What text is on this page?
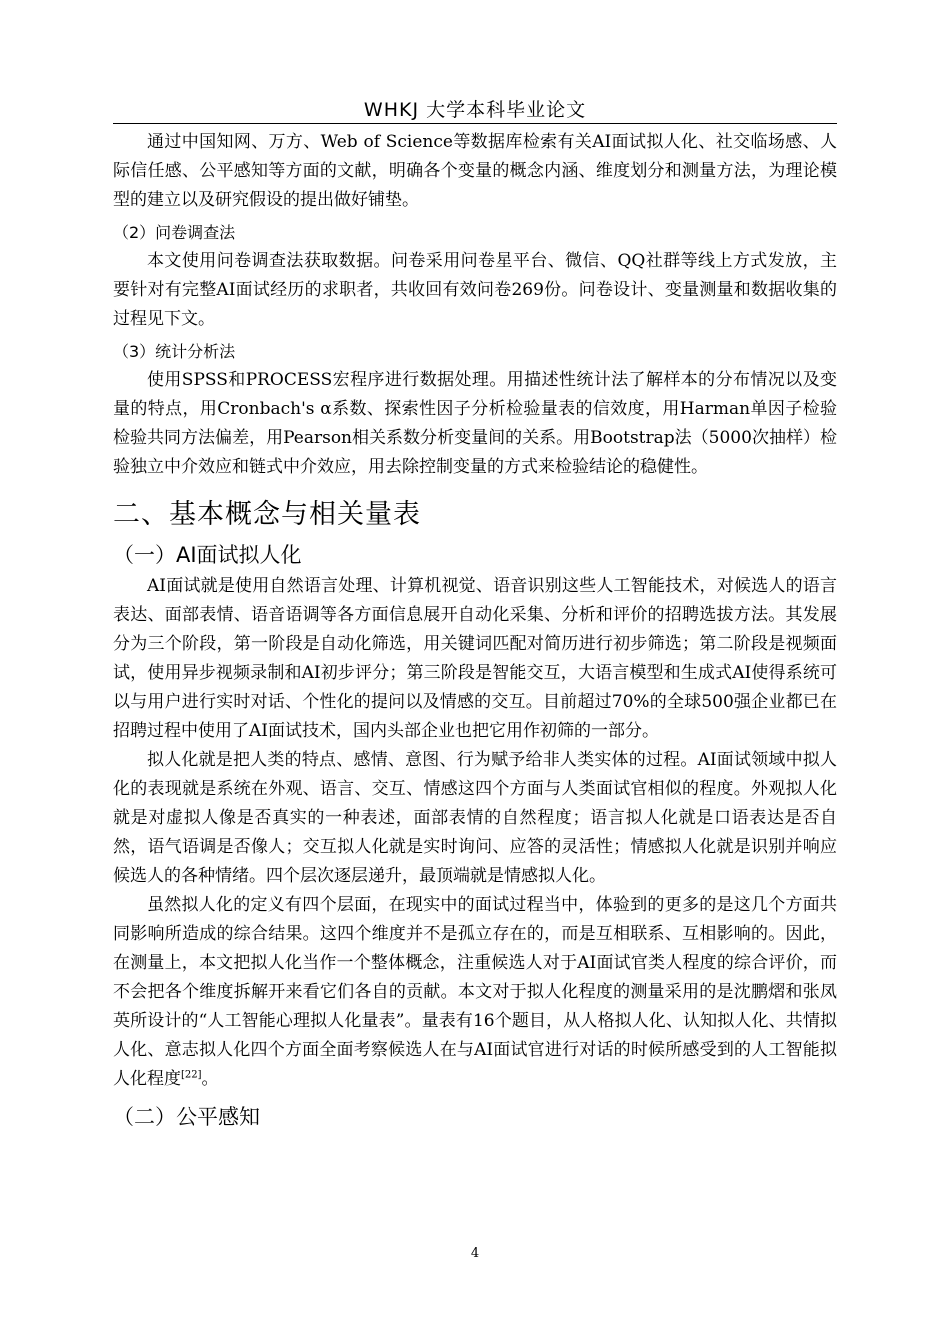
WHKJ 大学本科毕业论文

通过中国知网、万方、Web of Science等数据库检索有关AI面试拟人化、社交临场感、人际信任感、公平感知等方面的文献，明确各个变量的概念内涵、维度划分和测量方法，为理论模型的建立以及研究假设的提出做好铺垫。

（2）问卷调查法

本文使用问卷调查法获取数据。问卷采用问卷星平台、微信、QQ社群等线上方式发放，主要针对有完整AI面试经历的求职者，共收回有效问卷269份。问卷设计、变量测量和数据收集的过程见下文。

（3）统计分析法

使用SPSS和PROCESS宏程序进行数据处理。用描述性统计法了解样本的分布情况以及变量的特点，用Cronbach's α系数、探索性因子分析检验量表的信效度，用Harman单因子检验检验共同方法偏差，用Pearson相关系数分析变量间的关系。用Bootstrap法（5000次抽样）检验独立中介效应和链式中介效应，用去除控制变量的方式来检验结论的稳健性。

二、基本概念与相关量表
（一）AI面试拟人化

AI面试就是使用自然语言处理、计算机视觉、语音识别这些人工智能技术，对候选人的语言表达、面部表情、语音语调等各方面信息展开自动化采集、分析和评价的招聘选拔方法。其发展分为三个阶段，第一阶段是自动化筛选，用关键词匹配对简历进行初步筛选；第二阶段是视频面试，使用异步视频录制和AI初步评分；第三阶段是智能交互，大语言模型和生成式AI使得系统可以与用户进行实时对话、个性化的提问以及情感的交互。目前超过70%的全球500强企业都已在招聘过程中使用了AI面试技术，国内头部企业也把它用作初筛的一部分。

拟人化就是把人类的特点、感情、意图、行为赋予给非人类实体的过程。AI面试领域中拟人化的表现就是系统在外观、语言、交互、情感这四个方面与人类面试官相似的程度。外观拟人化就是对虚拟人像是否真实的一种表述，面部表情的自然程度；语言拟人化就是口语表达是否自然，语气语调是否像人；交互拟人化就是实时询问、应答的灵活性；情感拟人化就是识别并响应候选人的各种情绪。四个层次逐层递升，最顶端就是情感拟人化。

虽然拟人化的定义有四个层面，在现实中的面试过程当中，体验到的更多的是这几个方面共同影响所造成的综合结果。这四个维度并不是孤立存在的，而是互相联系、互相影响的。因此，在测量上，本文把拟人化当作一个整体概念，注重候选人对于AI面试官类人程度的综合评价，而不会把各个维度拆解开来看它们各自的贡献。本文对于拟人化程度的测量采用的是沈鹏熠和张凤英所设计的“人工智能心理拟人化量表”。量表有16个题目，从人格拟人化、认知拟人化、共情拟人化、意志拟人化四个方面全面考察候选人在与AI面试官进行对话的时候所感受到的人工智能拟人化程度[22]。

（二）公平感知
4
